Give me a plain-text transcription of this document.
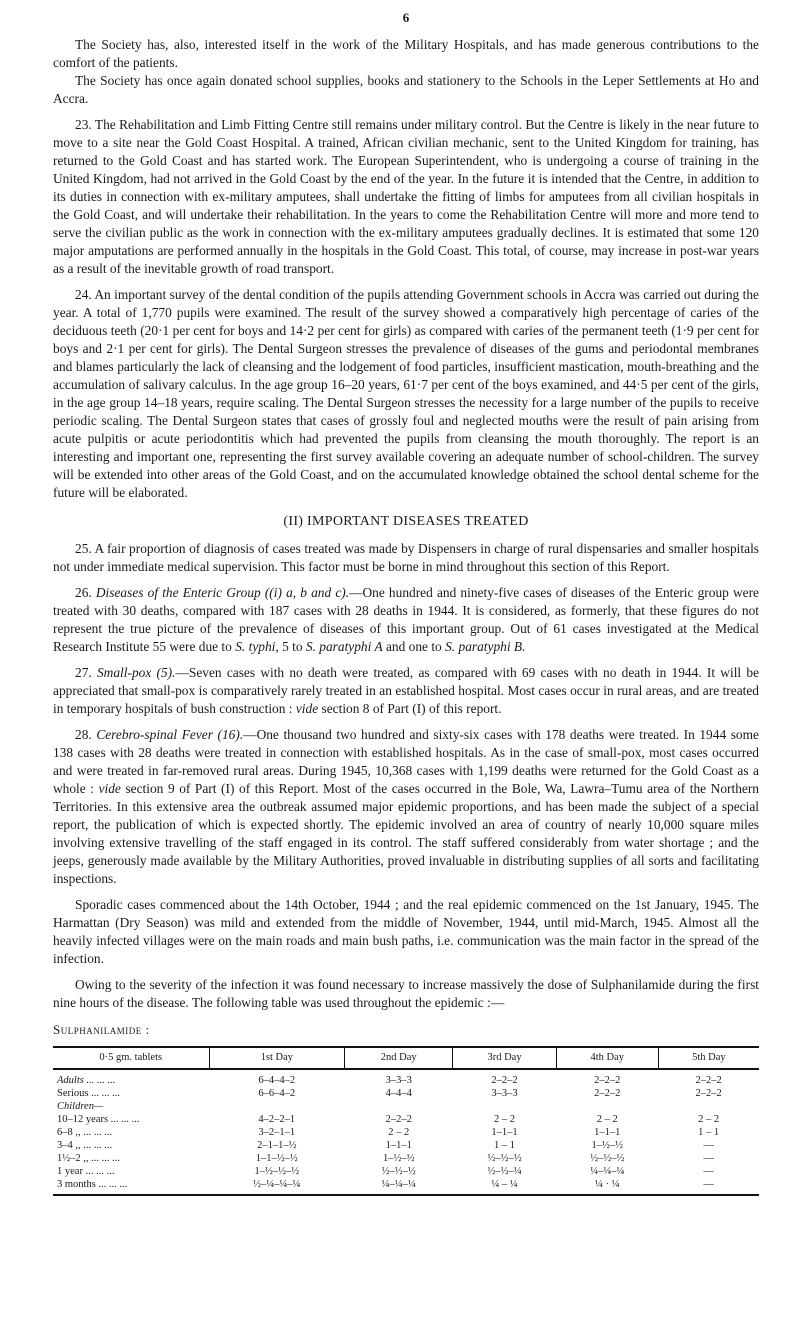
6

The Society has, also, interested itself in the work of the Military Hospitals, and has made generous contributions to the comfort of the patients.

The Society has once again donated school supplies, books and stationery to the Schools in the Leper Settlements at Ho and Accra.

23. The Rehabilitation and Limb Fitting Centre still remains under military control. But the Centre is likely in the near future to move to a site near the Gold Coast Hospital. A trained, African civilian mechanic, sent to the United Kingdom for training, has returned to the Gold Coast and has started work. The European Superintendent, who is undergoing a course of training in the United Kingdom, had not arrived in the Gold Coast by the end of the year. In the future it is intended that the Centre, in addition to its duties in connection with ex-military amputees, shall undertake the fitting of limbs for amputees from all civilian hospitals in the Gold Coast, and will undertake their rehabilitation. In the years to come the Rehabilitation Centre will more and more tend to serve the civilian public as the work in connection with the ex-military amputees gradually declines. It is estimated that some 120 major amputations are performed annually in the hospitals in the Gold Coast. This total, of course, may increase in post-war years as a result of the inevitable growth of road transport.

24. An important survey of the dental condition of the pupils attending Government schools in Accra was carried out during the year. A total of 1,770 pupils were examined. The result of the survey showed a comparatively high percentage of caries of the deciduous teeth (20·1 per cent for boys and 14·2 per cent for girls) as compared with caries of the permanent teeth (1·9 per cent for boys and 2·1 per cent for girls). The Dental Surgeon stresses the prevalence of diseases of the gums and periodontal membranes and blames particularly the lack of cleansing and the lodgement of food particles, insufficient mastication, mouth-breathing and the accumulation of salivary calculus. In the age group 16–20 years, 61·7 per cent of the boys examined, and 44·5 per cent of the girls, in the age group 14–18 years, require scaling. The Dental Surgeon stresses the necessity for a large number of the pupils to receive periodic scaling. The Dental Surgeon states that cases of grossly foul and neglected mouths were the result of pain arising from acute pulpitis or acute periodontitis which had prevented the pupils from cleansing the mouth thoroughly. The report is an interesting and important one, representing the first survey available covering an adequate number of school-children. The survey will be extended into other areas of the Gold Coast, and on the accumulated knowledge obtained the school dental scheme for the future will be elaborated.

(II) IMPORTANT DISEASES TREATED

25. A fair proportion of diagnosis of cases treated was made by Dispensers in charge of rural dispensaries and smaller hospitals not under immediate medical supervision. This factor must be borne in mind throughout this section of this Report.

26. Diseases of the Enteric Group ((i) a, b and c).—One hundred and ninety-five cases of diseases of the Enteric group were treated with 30 deaths, compared with 187 cases with 28 deaths in 1944. It is considered, as formerly, that these figures do not represent the true picture of the prevalence of diseases of this important group. Out of 61 cases investigated at the Medical Research Institute 55 were due to S. typhi, 5 to S. paratyphi A and one to S. paratyphi B.

27. Small-pox (5).—Seven cases with no death were treated, as compared with 69 cases with no death in 1944. It will be appreciated that small-pox is comparatively rarely treated in an established hospital. Most cases occur in rural areas, and are treated in temporary hospitals of bush construction : vide section 8 of Part (I) of this report.

28. Cerebro-spinal Fever (16).—One thousand two hundred and sixty-six cases with 178 deaths were treated. In 1944 some 138 cases with 28 deaths were treated in connection with established hospitals. As in the case of small-pox, most cases occurred and were treated in far-removed rural areas. During 1945, 10,368 cases with 1,199 deaths were returned for the Gold Coast as a whole : vide section 9 of Part (I) of this Report. Most of the cases occurred in the Bole, Wa, Lawra–Tumu area of the Northern Territories. In this extensive area the outbreak assumed major epidemic proportions, and has been made the subject of a special report, the publication of which is expected shortly. The epidemic involved an area of country of nearly 10,000 square miles involving extensive travelling of the staff engaged in its control. The staff suffered considerably from water shortage ; and the jeeps, generously made available by the Military Authorities, proved invaluable in distributing supplies of all sorts and facilitating inspections.

Sporadic cases commenced about the 14th October, 1944 ; and the real epidemic commenced on the 1st January, 1945. The Harmattan (Dry Season) was mild and extended from the middle of November, 1944, until mid-March, 1945. Almost all the heavily infected villages were on the main roads and main bush paths, i.e. communication was the main factor in the spread of the infection.

Owing to the severity of the infection it was found necessary to increase massively the dose of Sulphanilamide during the first nine hours of the disease. The following table was used throughout the epidemic :—

Sulphanilamide :
0·5 gm. tablets	1st Day	2nd Day	3rd Day	4th Day	5th Day
Adults ... ... ...	6–4–4–2	3–3–3	2–2–2	2–2–2	2–2–2
Serious ... ... ...	6–6–4–2	4–4–4	3–3–3	2–2–2	2–2–2
Children—					
10–12 years ... ... ...	4–2–2–1	2–2–2	2 – 2	2 – 2	2 – 2
6–8 ,, ... ... ...	3–2–1–1	2 – 2	1–1–1	1–1–1	1 – 1
3–4 ,, ... ... ...	2–1–1–½	1–1–1	1 – 1	1–½–½	—
1½–2 ,, ... ... ...	1–1–½–½	1–½–½	½–½–½	½–½–½	—
1 year ... ... ...	1–½–½–½	½–½–½	½–½–¼	¼–¼–¼	—
3 months ... ... ...	½–¼–¼–¼	¼–¼–¼	¼ – ¼	¼ · ¼	—
